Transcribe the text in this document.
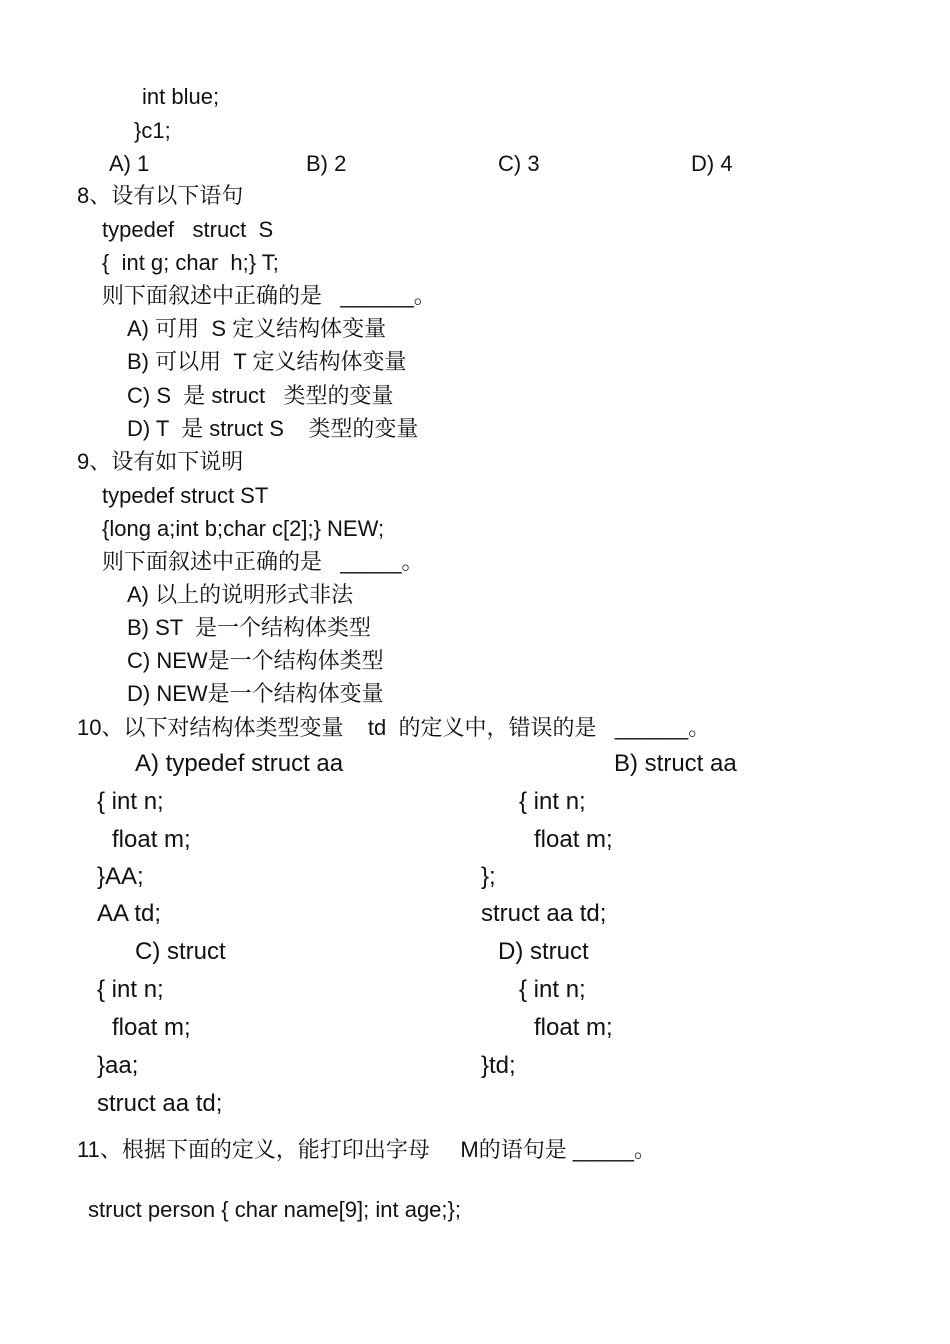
int blue;
}c1;
A) 1	B) 2	C) 3	D) 4
8、设有以下语句
typedef   struct  S
{  int g; char  h;} T;
则下面叙述中正确的是   ______。
A) 可用  S 定义结构体变量
B) 可以用  T 定义结构体变量
C) S  是 struct   类型的变量
D) T  是 struct S    类型的变量
9、设有如下说明
typedef struct ST
{long a;int b;char c[2];} NEW;
则下面叙述中正确的是   _____。
A) 以上的说明形式非法
B) ST  是一个结构体类型
C) NEW是一个结构体类型
D) NEW是一个结构体变量
10、以下对结构体类型变量    td  的定义中，错误的是   ______。
A) typedef struct aa	B) struct aa
{ int n;	{ int n;
float m;	float m;
}AA;	};
AA td;	struct aa td;
C) struct	D) struct
{ int n;	{ int n;
float m;	float m;
}aa;	}td;
struct aa td;
11、根据下面的定义，能打印出字母     M的语句是 _____。
struct person { char name[9]; int age;};
